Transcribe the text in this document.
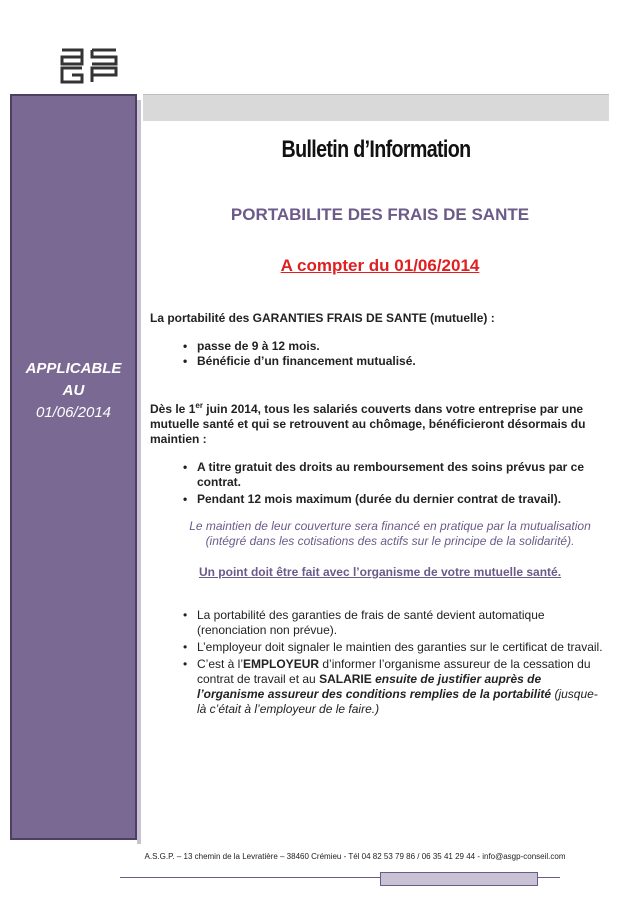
APPLICABLE
AU
01/06/2014
Bulletin d’Information
PORTABILITE DES FRAIS DE SANTE
A compter du 01/06/2014
La portabilité des GARANTIES FRAIS DE SANTE (mutuelle) :
• passe de 9 à 12 mois.
• Bénéficie d’un financement mutualisé.
Dès le 1er juin 2014, tous les salariés couverts dans votre entreprise par une mutuelle santé et qui se retrouvent au chômage, bénéficieront désormais du maintien :
• A titre gratuit des droits au remboursement des soins prévus par ce contrat.
• Pendant 12 mois maximum (durée du dernier contrat de travail).
Le maintien de leur couverture sera financé en pratique par la mutualisation (intégré dans les cotisations des actifs sur le principe de la solidarité).
Un point doit être fait avec l’organisme de votre mutuelle santé.
• La portabilité des garanties de frais de santé devient automatique (renonciation non prévue).
• L’employeur doit signaler le maintien des garanties sur le certificat de travail.
• C’est à l’EMPLOYEUR d’informer l’organisme assureur de la cessation du contrat de travail et au SALARIE ensuite de justifier auprès de l’organisme assureur des conditions remplies de la portabilité (jusque-là c’était à l’employeur de le faire.)
A.S.G.P. – 13 chemin de la Levratière – 38460 Crémieu - Tél 04 82 53 79 86 / 06 35 41 29 44 - info@asgp-conseil.com
